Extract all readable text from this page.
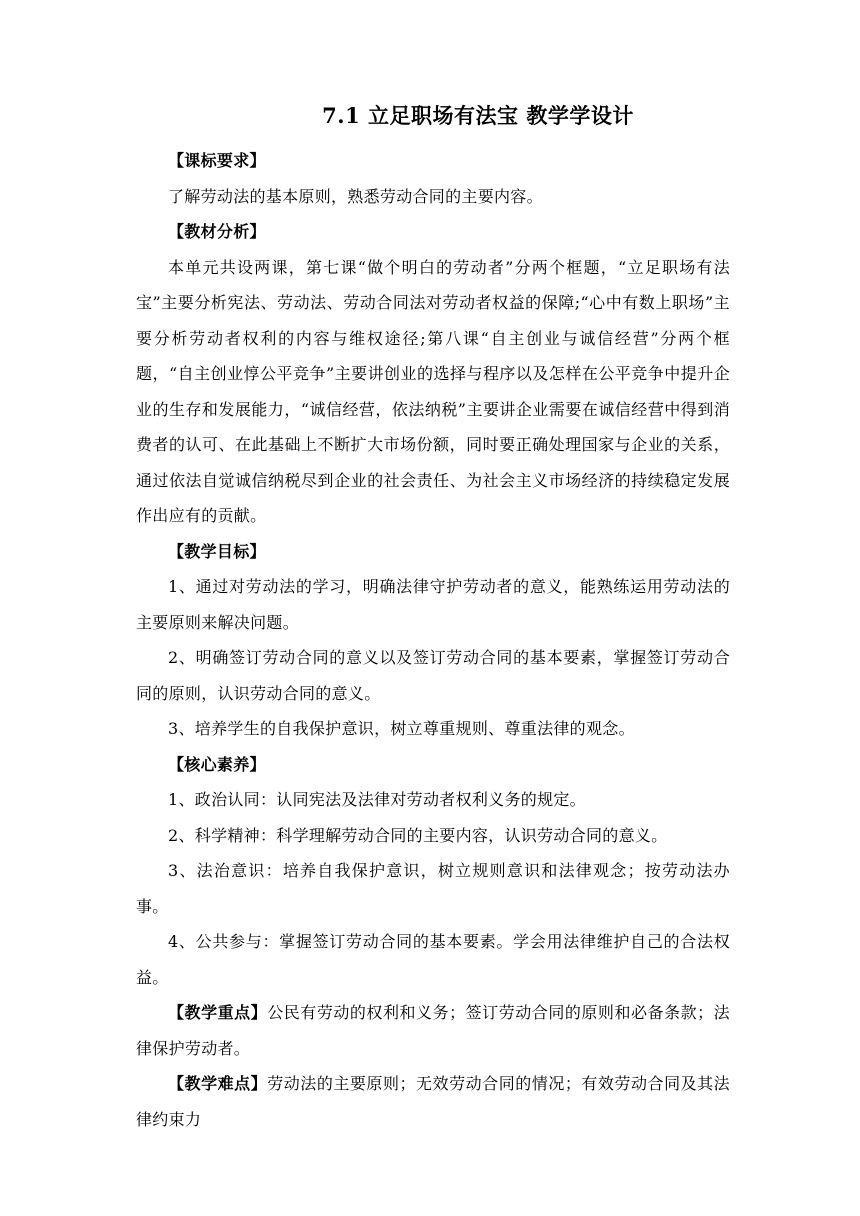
7.1 立足职场有法宝 教学学设计

【课标要求】

了解劳动法的基本原则，熟悉劳动合同的主要内容。

【教材分析】

本单元共设两课，第七课“做个明白的劳动者”分两个框题，“立足职场有法宝”主要分析宪法、劳动法、劳动合同法对劳动者权益的保障;“心中有数上职场”主要分析劳动者权利的内容与维权途径;第八课“自主创业与诚信经营”分两个框题，“自主创业惇公平竞争”主要讲创业的选择与程序以及怎样在公平竞争中提升企业的生存和发展能力，“诚信经营，依法纳税”主要讲企业需要在诚信经营中得到消费者的认可、在此基础上不断扩大市场份额，同时要正确处理国家与企业的关系，通过依法自觉诚信纳税尽到企业的社会责任、为社会主义市场经济的持续稳定发展作出应有的贡献。

【教学目标】

1、通过对劳动法的学习，明确法律守护劳动者的意义，能熟练运用劳动法的主要原则来解决问题。

2、明确签订劳动合同的意义以及签订劳动合同的基本要素，掌握签订劳动合同的原则，认识劳动合同的意义。

3、培养学生的自我保护意识，树立尊重规则、尊重法律的观念。

【核心素养】

1、政治认同：认同宪法及法律对劳动者权利义务的规定。

2、科学精神：科学理解劳动合同的主要内容，认识劳动合同的意义。

3、法治意识：培养自我保护意识，树立规则意识和法律观念；按劳动法办事。

4、公共参与：掌握签订劳动合同的基本要素。学会用法律维护自己的合法权益。

【教学重点】公民有劳动的权利和义务；签订劳动合同的原则和必备条款；法律保护劳动者。

【教学难点】劳动法的主要原则；无效劳动合同的情况；有效劳动合同及其法律约束力
